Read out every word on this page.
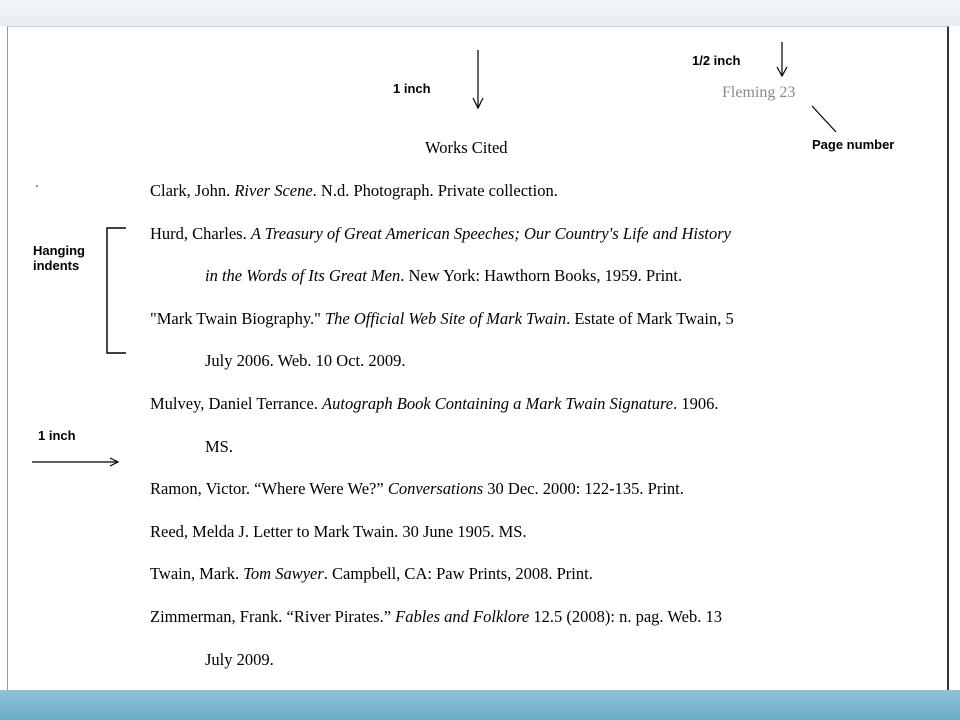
1 inch
1/2 inch
Page number
Hanging
indents
1 inch
Fleming 23
Works Cited
Clark, John. River Scene. N.d. Photograph. Private collection.
Hurd, Charles. A Treasury of Great American Speeches; Our Country's Life and History
in the Words of Its Great Men. New York: Hawthorn Books, 1959. Print.
"Mark Twain Biography." The Official Web Site of Mark Twain. Estate of Mark Twain, 5
July 2006. Web. 10 Oct. 2009.
Mulvey, Daniel Terrance. Autograph Book Containing a Mark Twain Signature. 1906.
MS.
Ramon, Victor. “Where Were We?” Conversations 30 Dec. 2000: 122-135. Print.
Reed, Melda J. Letter to Mark Twain. 30 June 1905. MS.
Twain, Mark. Tom Sawyer. Campbell, CA: Paw Prints, 2008. Print.
Zimmerman, Frank. “River Pirates.” Fables and Folklore 12.5 (2008): n. pag. Web. 13
July 2009.
